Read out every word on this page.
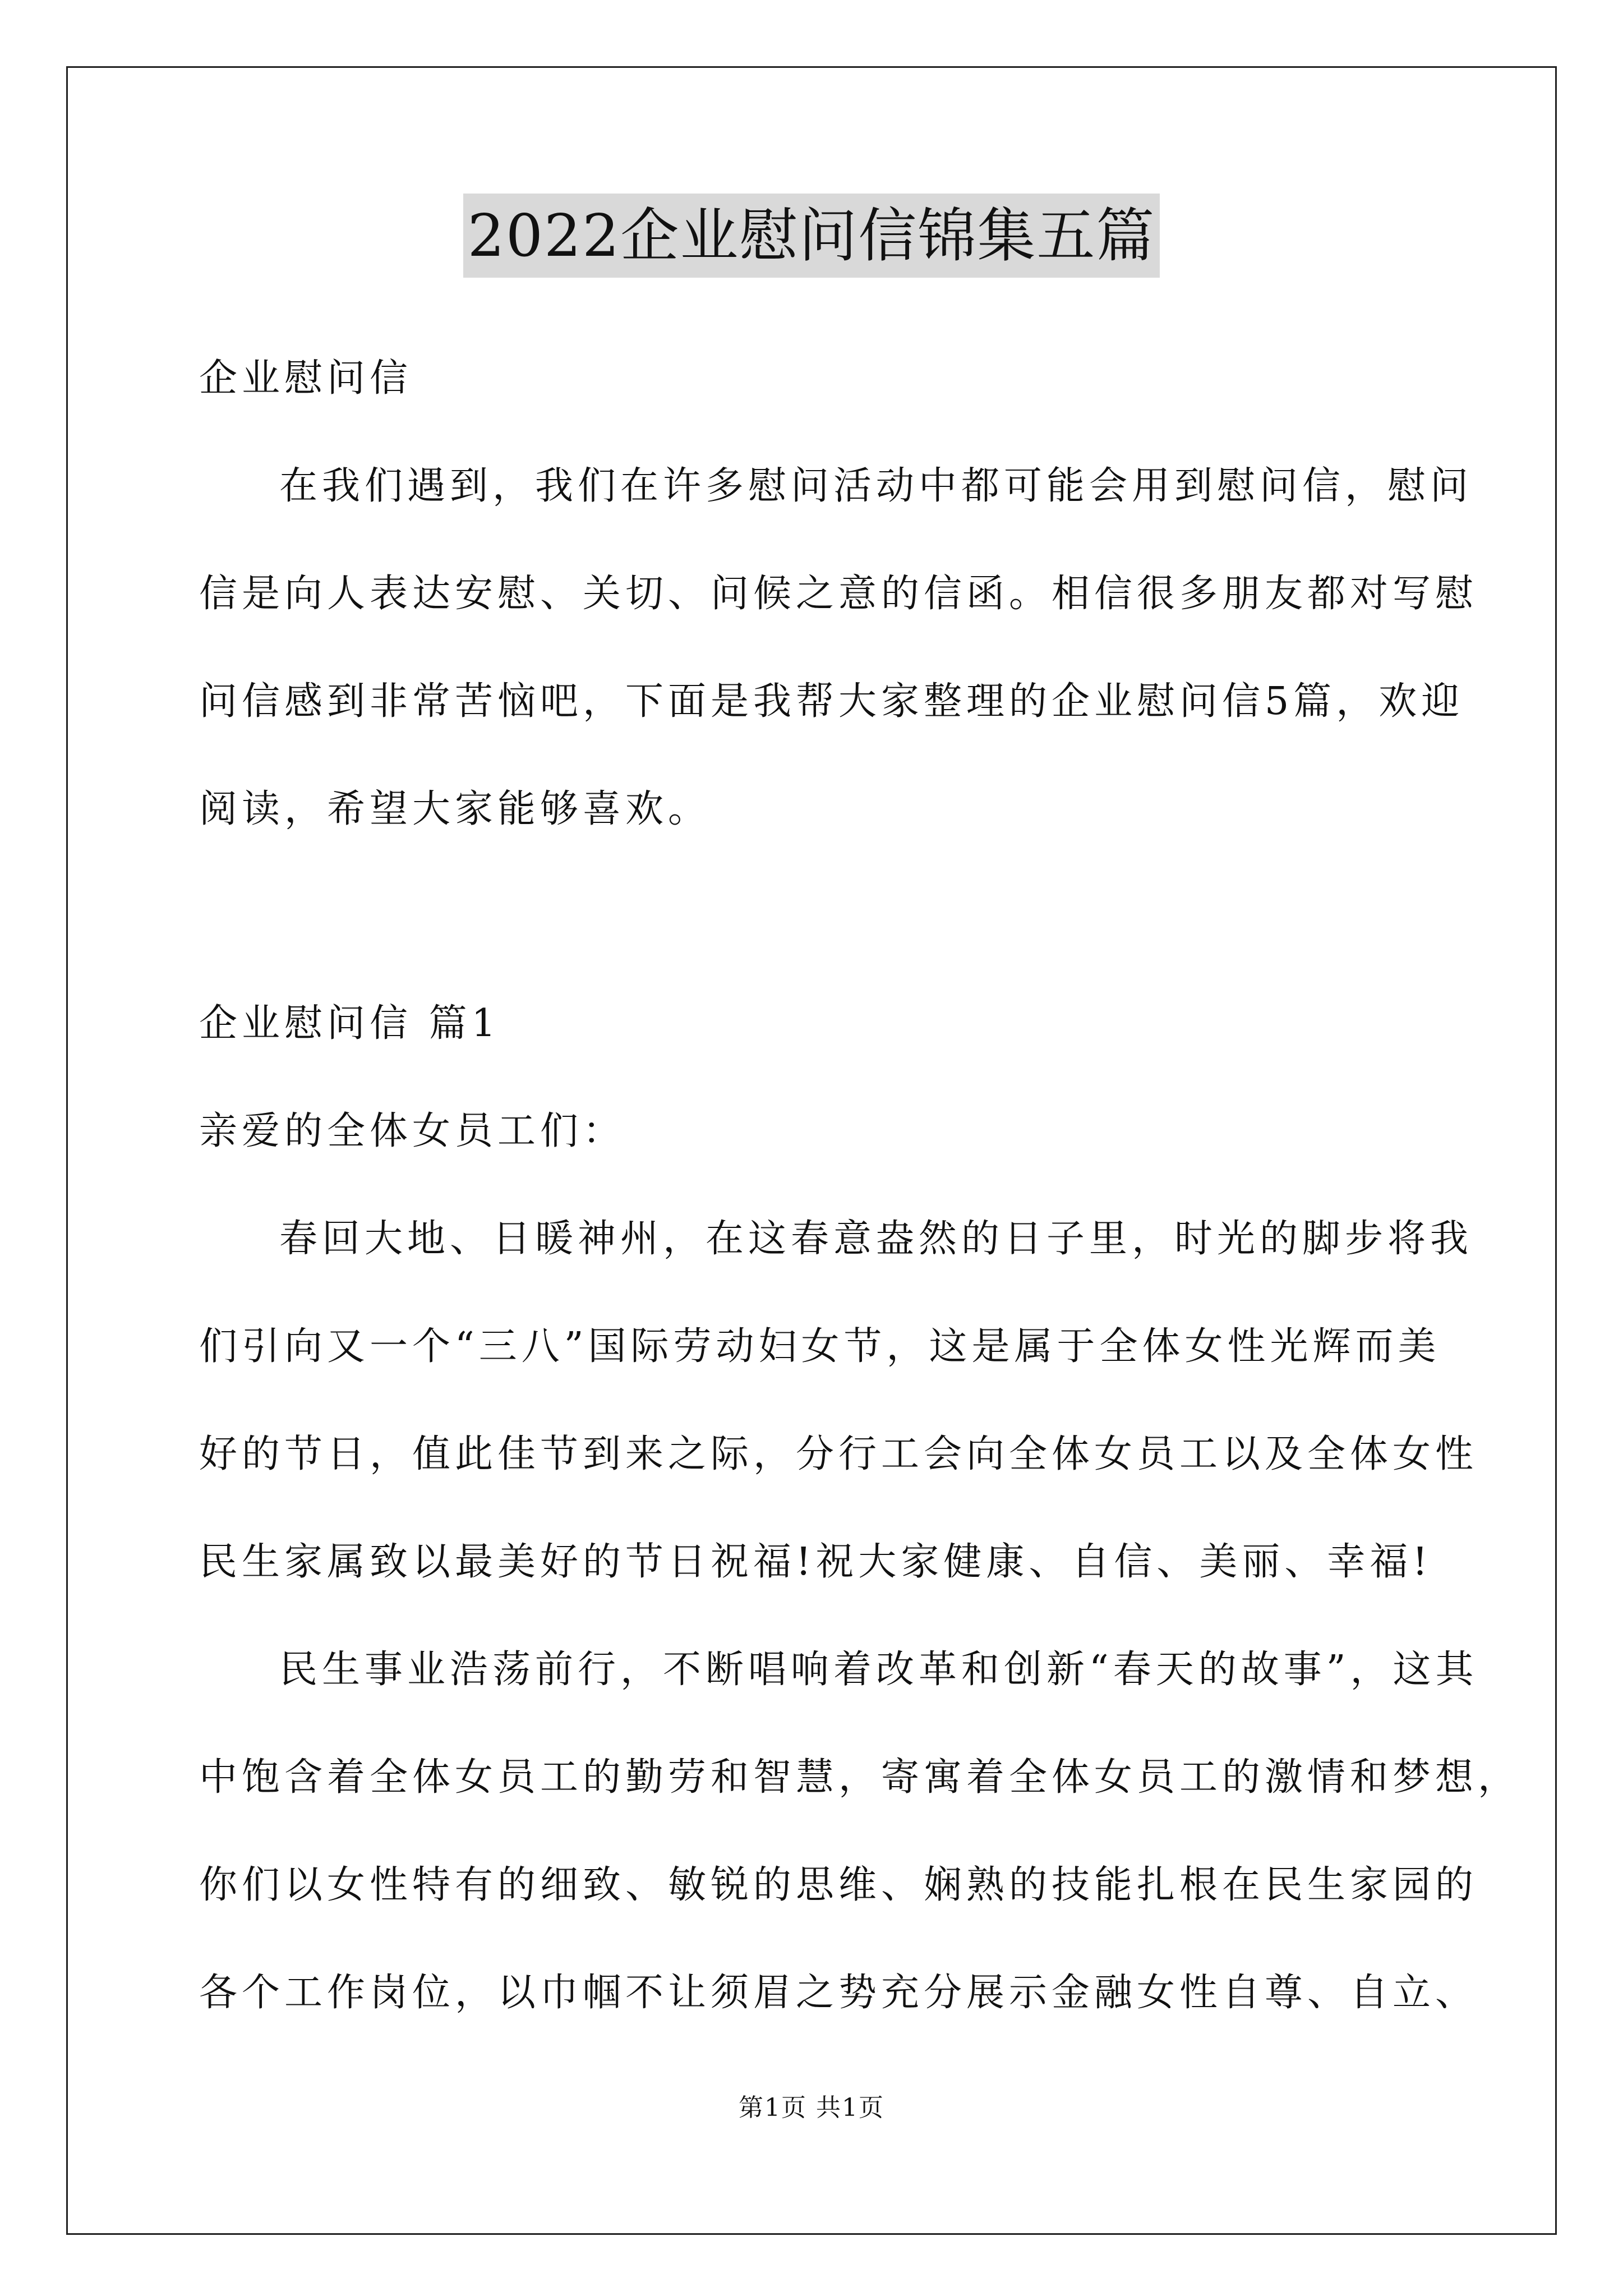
2022企业慰问信锦集五篇
企业慰问信
在我们遇到，我们在许多慰问活动中都可能会用到慰问信，慰问
信是向人表达安慰、关切、问候之意的信函。相信很多朋友都对写慰
问信感到非常苦恼吧，下面是我帮大家整理的企业慰问信5篇，欢迎
阅读，希望大家能够喜欢。
企业慰问信 篇1
亲爱的全体女员工们：
春回大地、日暖神州，在这春意盎然的日子里，时光的脚步将我
们引向又一个“三八”国际劳动妇女节，这是属于全体女性光辉而美
好的节日，值此佳节到来之际，分行工会向全体女员工以及全体女性
民生家属致以最美好的节日祝福!祝大家健康、自信、美丽、幸福!
民生事业浩荡前行，不断唱响着改革和创新“春天的故事”，这其
中饱含着全体女员工的勤劳和智慧，寄寓着全体女员工的激情和梦想，
你们以女性特有的细致、敏锐的思维、娴熟的技能扎根在民生家园的
各个工作岗位，以巾帼不让须眉之势充分展示金融女性自尊、自立、
第1页 共1页
